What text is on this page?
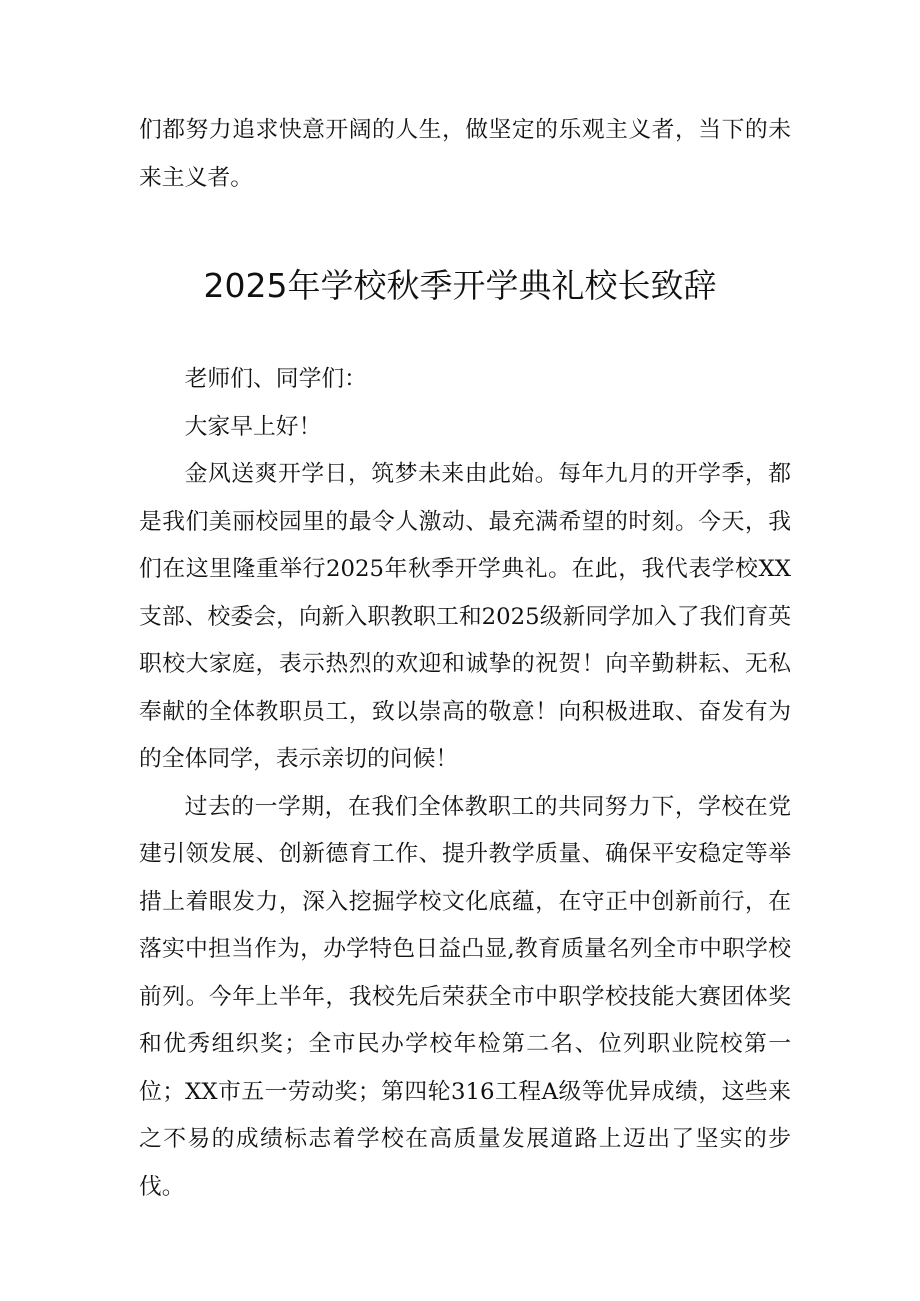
们都努力追求快意开阔的人生，做坚定的乐观主义者，当下的未来主义者。

2025年学校秋季开学典礼校长致辞

老师们、同学们：

大家早上好！

金风送爽开学日，筑梦未来由此始。每年九月的开学季，都是我们美丽校园里的最令人激动、最充满希望的时刻。今天，我们在这里隆重举行2025年秋季开学典礼。在此，我代表学校XX支部、校委会，向新入职教职工和2025级新同学加入了我们育英职校大家庭，表示热烈的欢迎和诚挚的祝贺！向辛勤耕耘、无私奉献的全体教职员工，致以崇高的敬意！向积极进取、奋发有为的全体同学，表示亲切的问候！

过去的一学期，在我们全体教职工的共同努力下，学校在党建引领发展、创新德育工作、提升教学质量、确保平安稳定等举措上着眼发力，深入挖掘学校文化底蕴，在守正中创新前行，在落实中担当作为，办学特色日益凸显,教育质量名列全市中职学校前列。今年上半年，我校先后荣获全市中职学校技能大赛团体奖和优秀组织奖；全市民办学校年检第二名、位列职业院校第一位；XX市五一劳动奖；第四轮316工程A级等优异成绩，这些来之不易的成绩标志着学校在高质量发展道路上迈出了坚实的步伐。
